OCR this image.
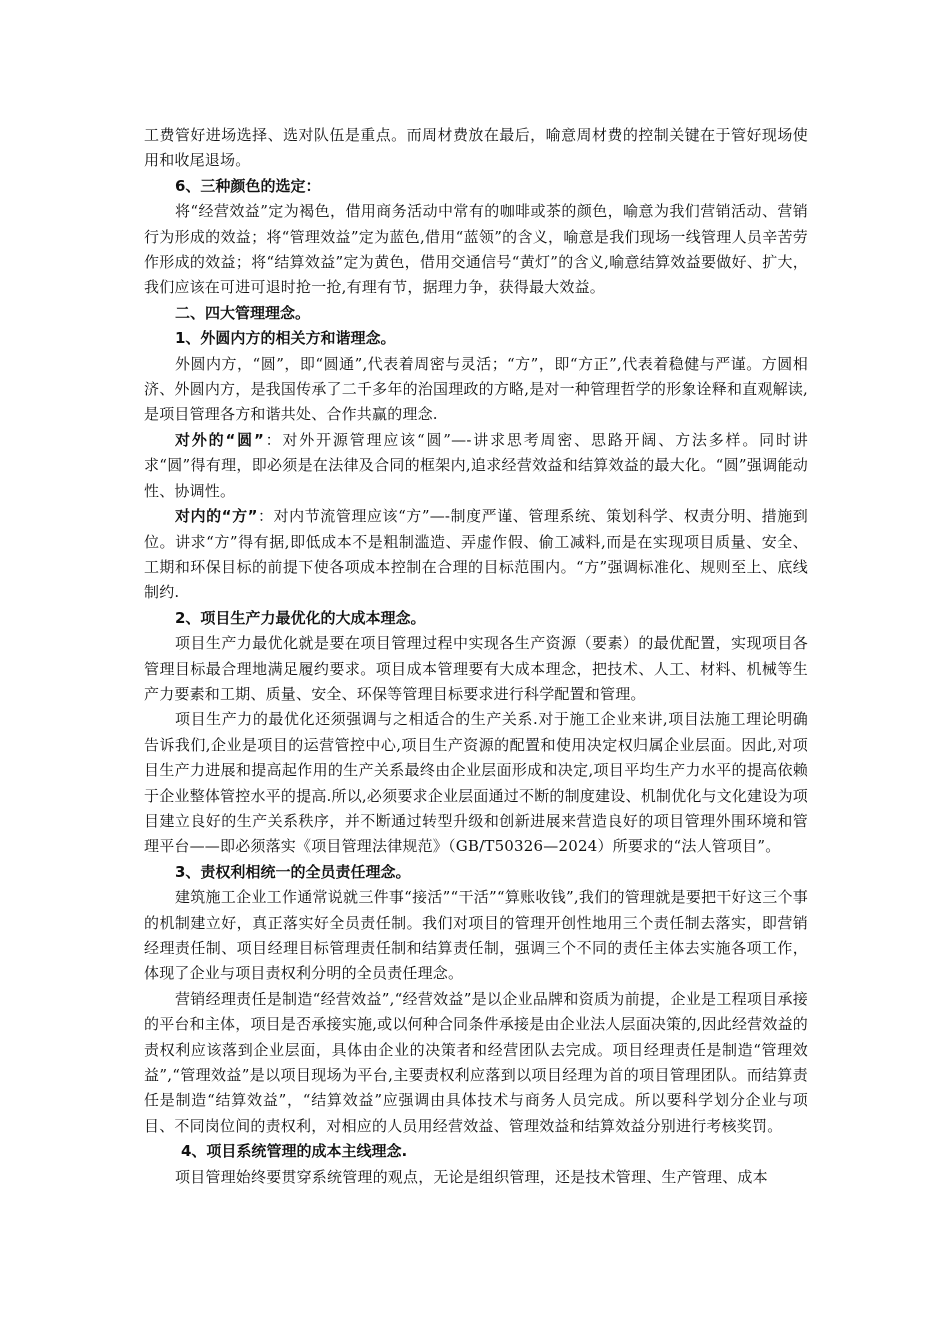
工费管好进场选择、选对队伍是重点。而周材费放在最后，喻意周材费的控制关键在于管好现场使用和收尾退场。

6、三种颜色的选定：

将“经营效益”定为褐色，借用商务活动中常有的咖啡或茶的颜色，喻意为我们营销活动、营销行为形成的效益；将“管理效益”定为蓝色,借用“蓝领”的含义，喻意是我们现场一线管理人员辛苦劳作形成的效益；将“结算效益”定为黄色，借用交通信号“黄灯”的含义,喻意结算效益要做好、扩大，我们应该在可进可退时抢一抢,有理有节，据理力争，获得最大效益。

二、四大管理理念。

1、外圆内方的相关方和谐理念。

外圆内方，“圆”，即“圆通”,代表着周密与灵活；“方”，即“方正”,代表着稳健与严谨。方圆相济、外圆内方，是我国传承了二千多年的治国理政的方略,是对一种管理哲学的形象诠释和直观解读,是项目管理各方和谐共处、合作共赢的理念.

对外的“圆”：对外开源管理应该“圆”—-讲求思考周密、思路开阔、方法多样。同时讲求“圆”得有理，即必须是在法律及合同的框架内,追求经营效益和结算效益的最大化。“圆”强调能动性、协调性。

对内的“方”：对内节流管理应该“方”—-制度严谨、管理系统、策划科学、权责分明、措施到位。讲求“方”得有据,即低成本不是粗制滥造、弄虚作假、偷工减料,而是在实现项目质量、安全、工期和环保目标的前提下使各项成本控制在合理的目标范围内。“方”强调标准化、规则至上、底线制约.

2、项目生产力最优化的大成本理念。

项目生产力最优化就是要在项目管理过程中实现各生产资源（要素）的最优配置，实现项目各管理目标最合理地满足履约要求。项目成本管理要有大成本理念，把技术、人工、材料、机械等生产力要素和工期、质量、安全、环保等管理目标要求进行科学配置和管理。

项目生产力的最优化还须强调与之相适合的生产关系.对于施工企业来讲,项目法施工理论明确告诉我们,企业是项目的运营管控中心,项目生产资源的配置和使用决定权归属企业层面。因此,对项目生产力进展和提高起作用的生产关系最终由企业层面形成和决定,项目平均生产力水平的提高依赖于企业整体管控水平的提高.所以,必须要求企业层面通过不断的制度建设、机制优化与文化建设为项目建立良好的生产关系秩序，并不断通过转型升级和创新进展来营造良好的项目管理外围环境和管理平台——即必须落实《项目管理法律规范》（GB/T50326—2024）所要求的“法人管项目”。

3、责权利相统一的全员责任理念。

建筑施工企业工作通常说就三件事“接活”“干活”“算账收钱”,我们的管理就是要把干好这三个事的机制建立好，真正落实好全员责任制。我们对项目的管理开创性地用三个责任制去落实，即营销经理责任制、项目经理目标管理责任制和结算责任制，强调三个不同的责任主体去实施各项工作，体现了企业与项目责权利分明的全员责任理念。

营销经理责任是制造“经营效益”,“经营效益”是以企业品牌和资质为前提，企业是工程项目承接的平台和主体，项目是否承接实施,或以何种合同条件承接是由企业法人层面决策的,因此经营效益的责权利应该落到企业层面，具体由企业的决策者和经营团队去完成。项目经理责任是制造“管理效益”,“管理效益”是以项目现场为平台,主要责权利应落到以项目经理为首的项目管理团队。而结算责任是制造“结算效益”，“结算效益”应强调由具体技术与商务人员完成。所以要科学划分企业与项目、不同岗位间的责权利，对相应的人员用经营效益、管理效益和结算效益分别进行考核奖罚。

4、项目系统管理的成本主线理念.

项目管理始终要贯穿系统管理的观点，无论是组织管理，还是技术管理、生产管理、成本
